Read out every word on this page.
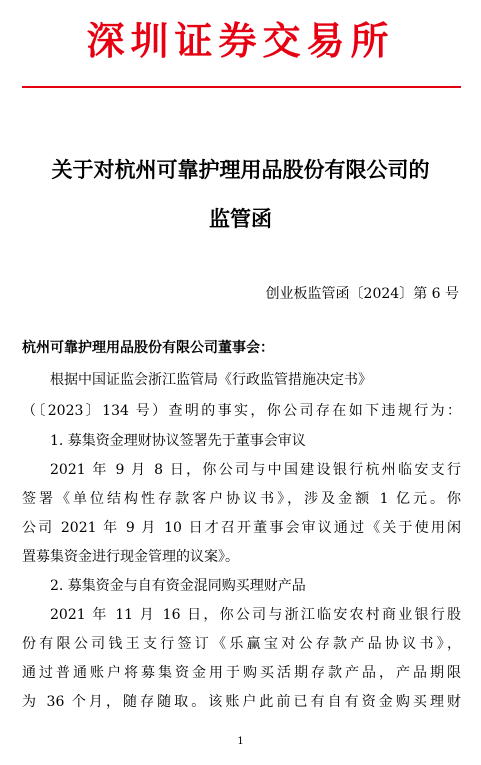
深圳证券交易所
关于对杭州可靠护理用品股份有限公司的
监管函
创业板监管函〔2024〕第 6 号
杭州可靠护理用品股份有限公司董事会：
根据中国证监会浙江监管局《行政监管措施决定书》
（〔2023〕134 号）查明的事实，你公司存在如下违规行为：
1. 募集资金理财协议签署先于董事会审议
2021 年 9 月 8 日，你公司与中国建设银行杭州临安支行
签署《单位结构性存款客户协议书》，涉及金额 1 亿元。你
公司 2021 年 9 月 10 日才召开董事会审议通过《关于使用闲
置募集资金进行现金管理的议案》。
2. 募集资金与自有资金混同购买理财产品
2021 年 11 月 16 日，你公司与浙江临安农村商业银行股
份有限公司钱王支行签订《乐赢宝对公存款产品协议书》，
通过普通账户将募集资金用于购买活期存款产品，产品期限
为 36 个月，随存随取。该账户此前已有自有资金购买理财
1
